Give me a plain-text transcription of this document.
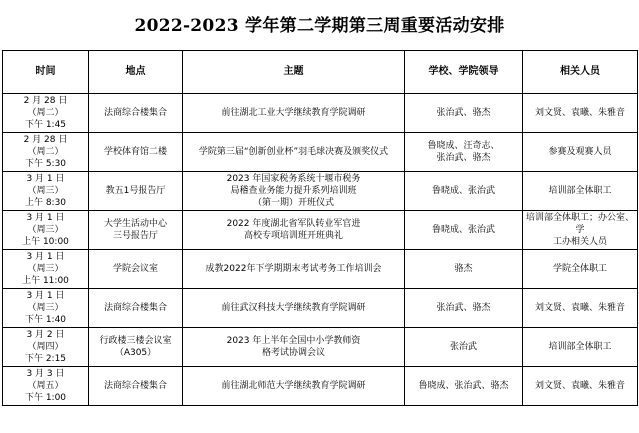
2022-2023 学年第二学期第三周重要活动安排
时间	地点	主题	学校、学院领导	相关人员
2 月 28 日
（周二）
下午 1:45	法商综合楼集合	前往湖北工业大学继续教育学院调研	张治武、骆杰	刘文贤、袁曦、朱雅音
2 月 28 日
（周二）
下午 5:30	学校体育馆二楼	学院第三届“创新创业杯”羽毛球决赛及颁奖仪式	鲁晓成、汪奇志、
张治武、骆杰	参赛及观赛人员
3 月 1 日
（周三）
上午 8:30	教五1号报告厅	2023 年国家税务系统十堰市税务
局稽查业务能力提升系列培训班
（第一期）开班仪式	鲁晓成、张治武	培训部全体职工
3 月 1 日
（周三）
上午 10:00	大学生活动中心
三号报告厅	2022 年度湖北省军队转业军官进
高校专项培训班开班典礼	鲁晓成、张治武	培训部全体职工；办公室、学
工办相关人员
3 月 1 日
（周三）
上午 11:00	学院会议室	成教2022年下学期期末考试考务工作培训会	骆杰	学院全体职工
3 月 1 日
（周三）
下午 1:40	法商综合楼集合	前往武汉科技大学继续教育学院调研	张治武、骆杰	刘文贤、袁曦、朱雅音
3 月 2 日
（周四）
下午 2:15	行政楼三楼会议室
（A305）	2023 年上半年全国中小学教师资
格考试协调会议	张治武	培训部全体职工
3 月 3 日
（周五）
下午 1:00	法商综合楼集合	前往湖北师范大学继续教育学院调研	鲁晓成、张治武、骆杰	刘文贤、袁曦、朱雅音
